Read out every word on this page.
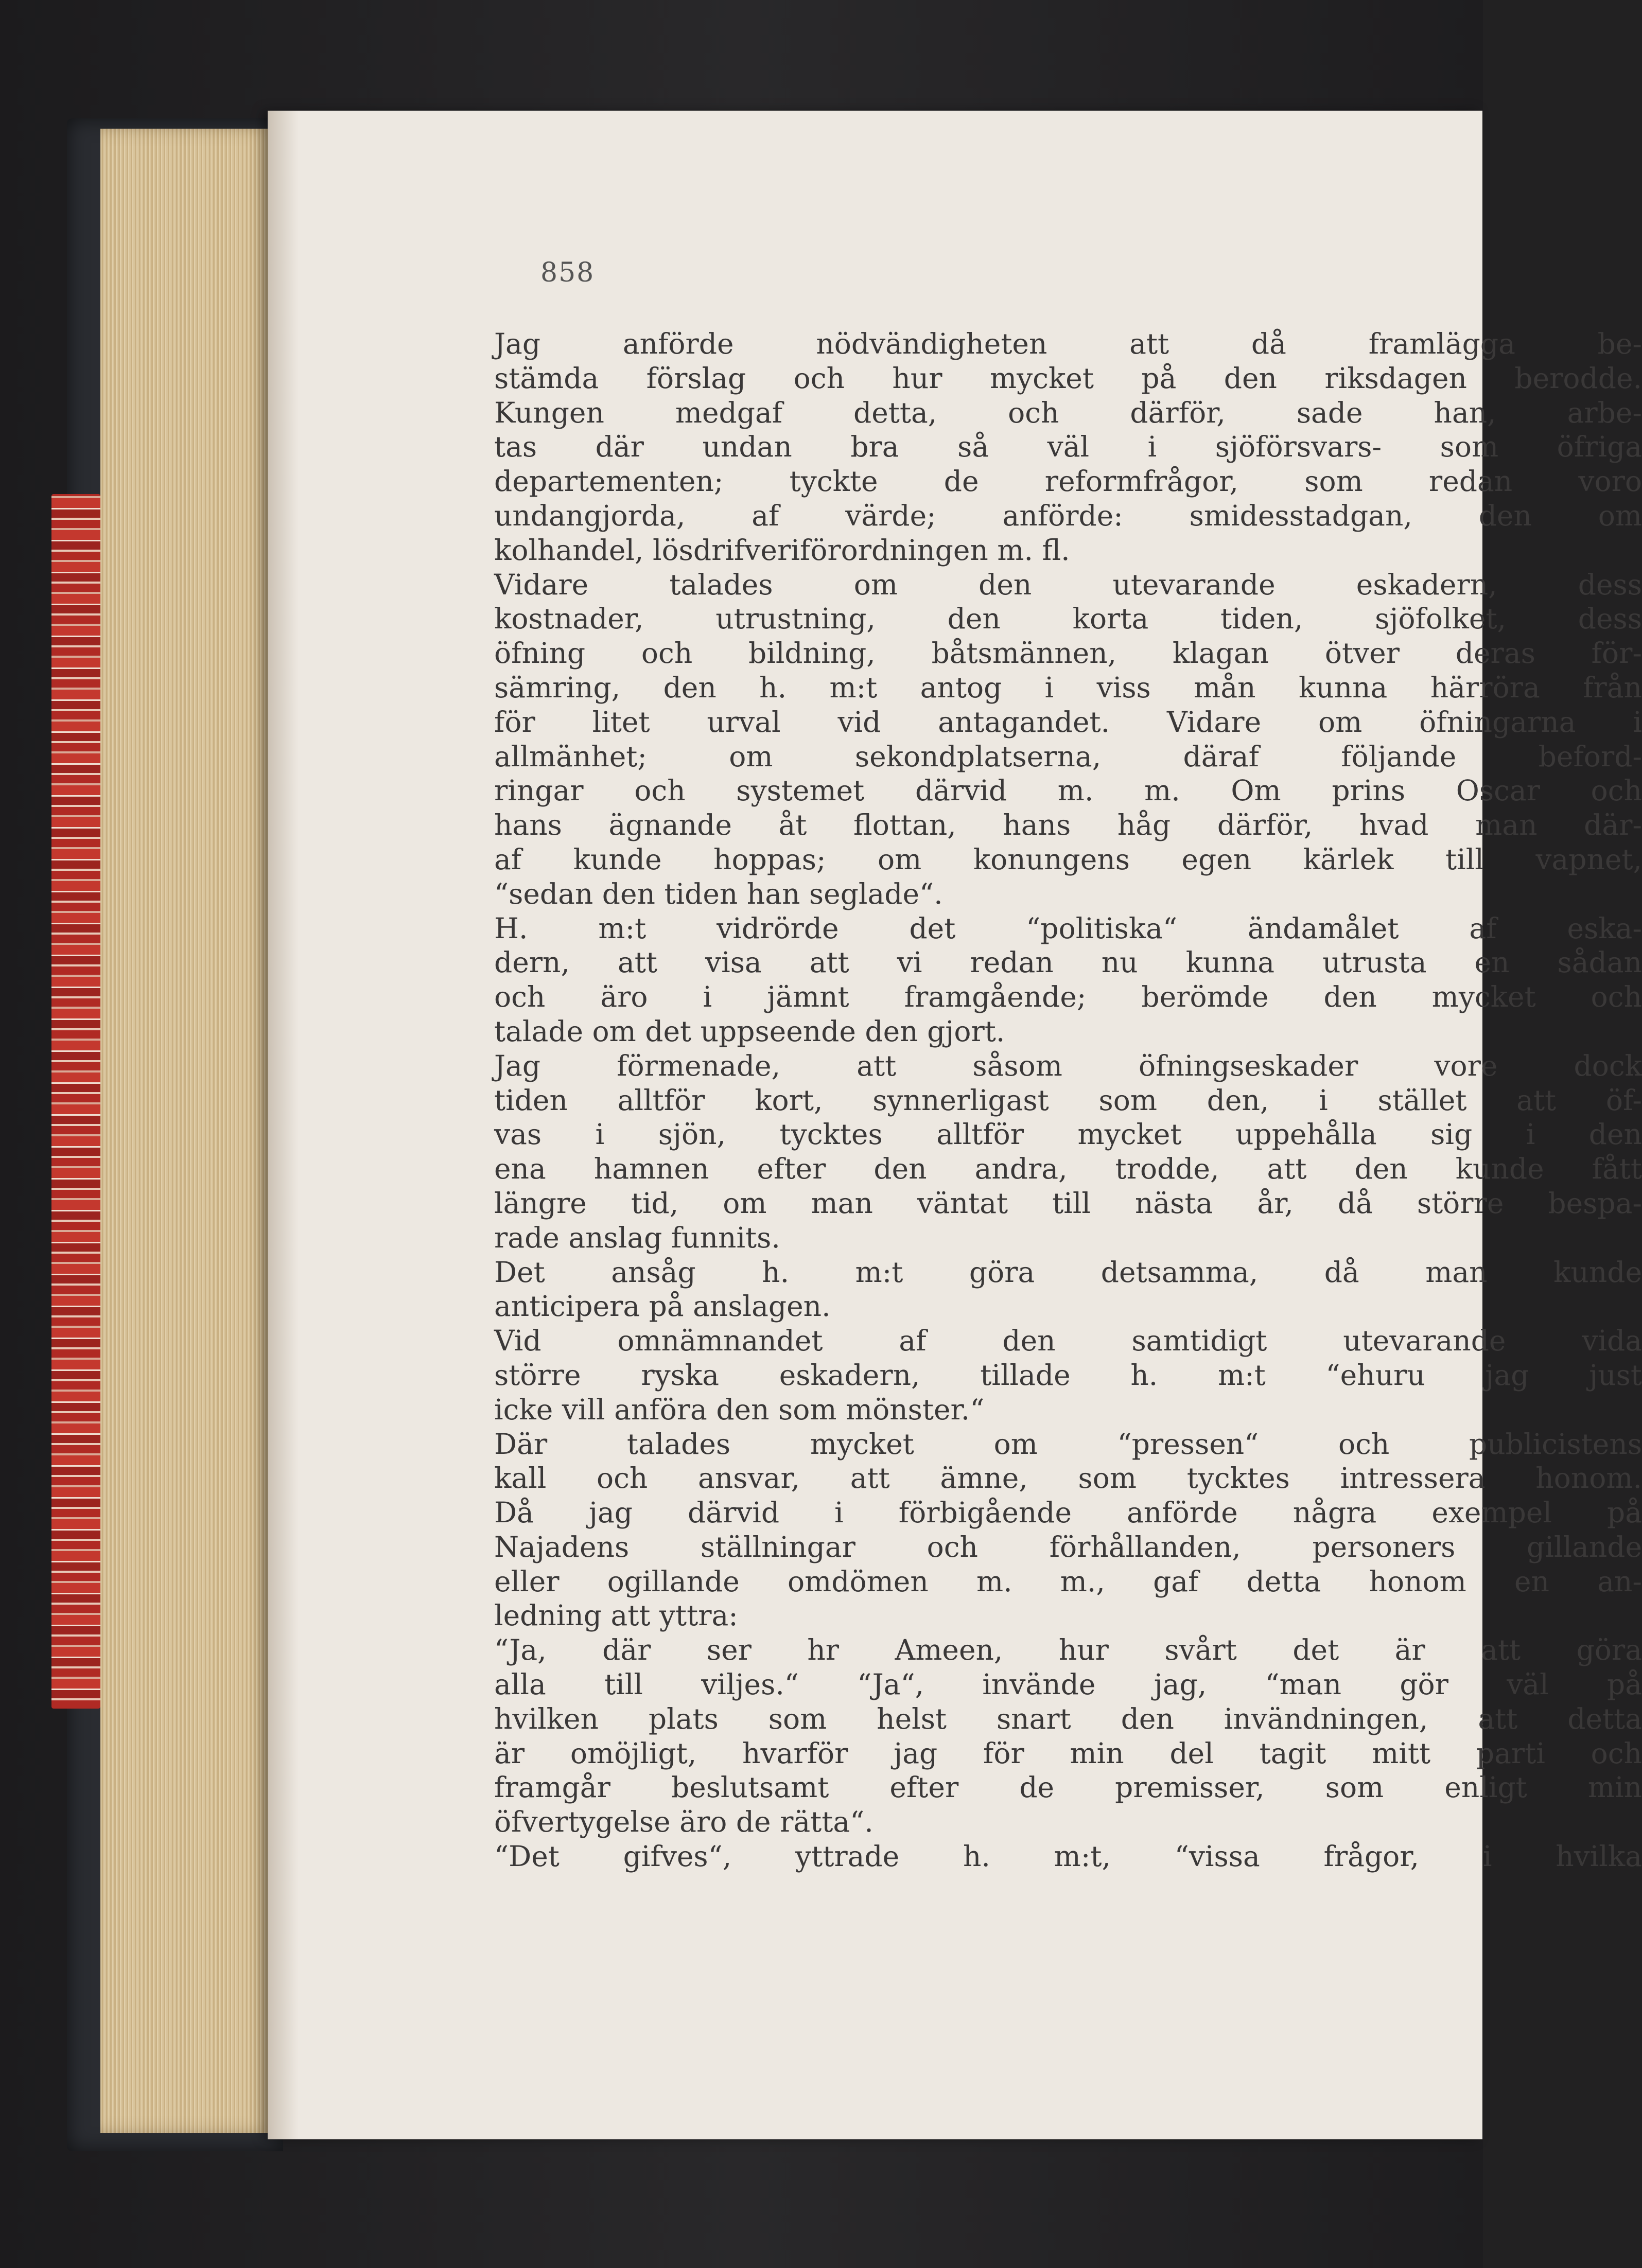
858
Jag anförde nödvändigheten att då framlägga be-
stämda förslag och hur mycket på den riksdagen berodde.
Kungen medgaf detta, och därför, sade han, arbe-
tas där undan bra så väl i sjöförsvars- som öfriga
departementen; tyckte de reformfrågor, som redan voro
undangjorda, af värde; anförde: smidesstadgan, den om
kolhandel, lösdrifveriförordningen m. fl.
Vidare talades om den utevarande eskadern, dess
kostnader, utrustning, den korta tiden, sjöfolket, dess
öfning och bildning, båtsmännen, klagan ötver deras för-
sämring, den h. m:t antog i viss mån kunna härröra från
för litet urval vid antagandet. Vidare om öfningarna i
allmänhet; om sekondplatserna, däraf följande beford-
ringar och systemet därvid m. m. Om prins Oscar och
hans ägnande åt flottan, hans håg därför, hvad man där-
af kunde hoppas; om konungens egen kärlek till vapnet,
“sedan den tiden han seglade“.
H. m:t vidrörde det “politiska“ ändamålet af eska-
dern, att visa att vi redan nu kunna utrusta en sådan
och äro i jämnt framgående; berömde den mycket och
talade om det uppseende den gjort.
Jag förmenade, att såsom öfningseskader vore dock
tiden alltför kort, synnerligast som den, i stället att öf-
vas i sjön, tycktes alltför mycket uppehålla sig i den
ena hamnen efter den andra, trodde, att den kunde fått
längre tid, om man väntat till nästa år, då större bespa-
rade anslag funnits.
Det ansåg h. m:t göra detsamma, då man kunde
anticipera på anslagen.
Vid omnämnandet af den samtidigt utevarande vida
större ryska eskadern, tillade h. m:t “ehuru jag just
icke vill anföra den som mönster.“
Där talades mycket om “pressen“ och publicistens
kall och ansvar, att ämne, som tycktes intressera honom.
Då jag därvid i förbigående anförde några exempel på
Najadens ställningar och förhållanden, personers gillande
eller ogillande omdömen m. m., gaf detta honom en an-
ledning att yttra:
“Ja, där ser hr Ameen, hur svårt det är att göra
alla till viljes.“ “Ja“, invände jag, “man gör väl på
hvilken plats som helst snart den invändningen, att detta
är omöjligt, hvarför jag för min del tagit mitt parti och
framgår beslutsamt efter de premisser, som enligt min
öfvertygelse äro de rätta“.
“Det gifves“, yttrade h. m:t, “vissa frågor, i hvilka
